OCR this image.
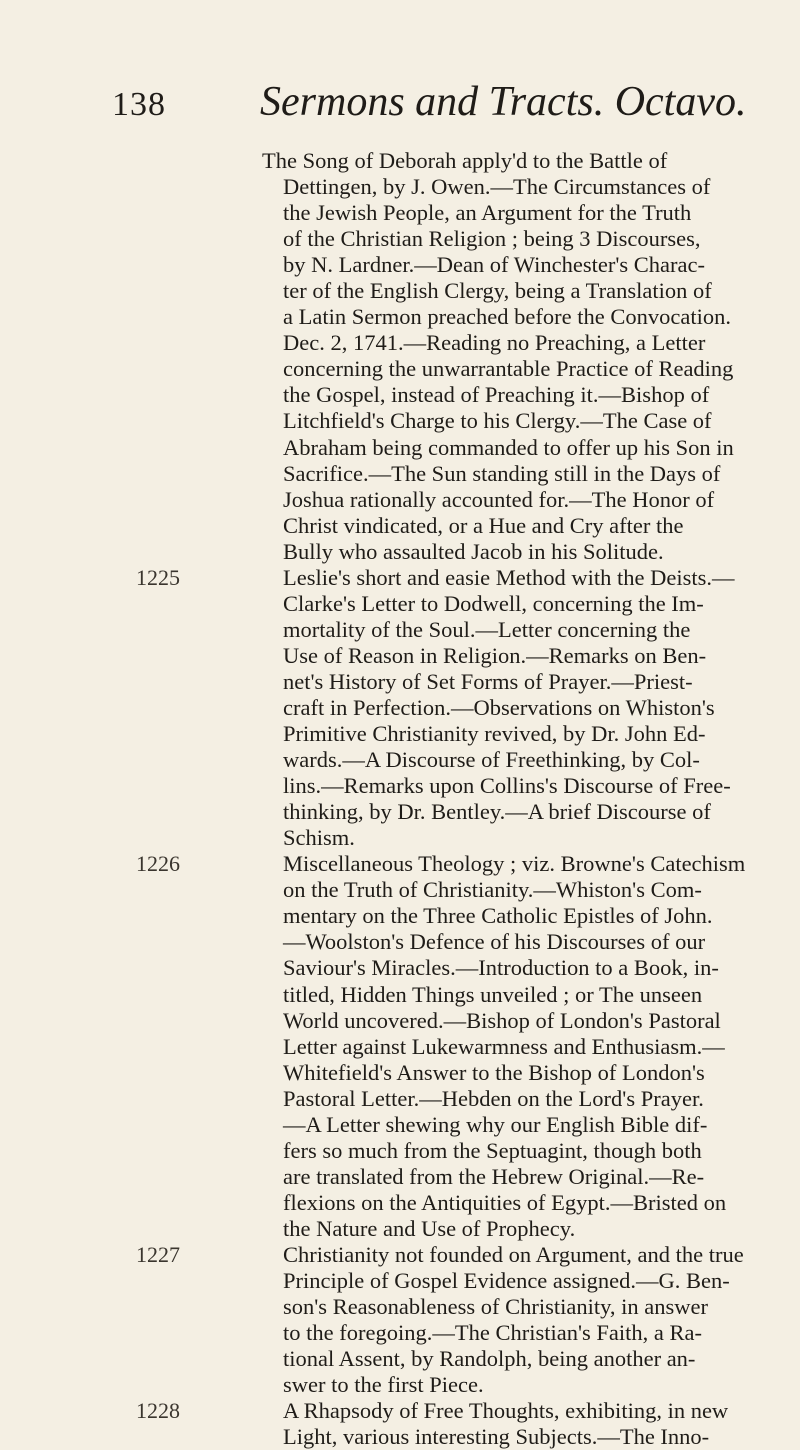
138 Sermons and Tracts. Octavo.
The Song of Deborah apply'd to the Battle of
Dettingen, by J. Owen.—The Circumstances of
the Jewish People, an Argument for the Truth
of the Christian Religion ; being 3 Discourses,
by N. Lardner.—Dean of Winchester's Charac-
ter of the English Clergy, being a Translation of
a Latin Sermon preached before the Convocation.
Dec. 2, 1741.—Reading no Preaching, a Letter
concerning the unwarrantable Practice of Reading
the Gospel, instead of Preaching it.—Bishop of
Litchfield's Charge to his Clergy.—The Case of
Abraham being commanded to offer up his Son in
Sacrifice.—The Sun standing still in the Days of
Joshua rationally accounted for.—The Honor of
Christ vindicated, or a Hue and Cry after the
Bully who assaulted Jacob in his Solitude.
1225	Leslie's short and easie Method with the Deists.—
Clarke's Letter to Dodwell, concerning the Im-
mortality of the Soul.—Letter concerning the
Use of Reason in Religion.—Remarks on Ben-
net's History of Set Forms of Prayer.—Priest-
craft in Perfection.—Observations on Whiston's
Primitive Christianity revived, by Dr. John Ed-
wards.—A Discourse of Freethinking, by Col-
lins.—Remarks upon Collins's Discourse of Free-
thinking, by Dr. Bentley.—A brief Discourse of
Schism.
1226	Miscellaneous Theology ; viz. Browne's Catechism
on the Truth of Christianity.—Whiston's Com-
mentary on the Three Catholic Epistles of John.
—Woolston's Defence of his Discourses of our
Saviour's Miracles.—Introduction to a Book, in-
titled, Hidden Things unveiled ; or The unseen
World uncovered.—Bishop of London's Pastoral
Letter against Lukewarmness and Enthusiasm.—
Whitefield's Answer to the Bishop of London's
Pastoral Letter.—Hebden on the Lord's Prayer.
—A Letter shewing why our English Bible dif-
fers so much from the Septuagint, though both
are translated from the Hebrew Original.—Re-
flexions on the Antiquities of Egypt.—Bristed on
the Nature and Use of Prophecy.
1227	Christianity not founded on Argument, and the true
Principle of Gospel Evidence assigned.—G. Ben-
son's Reasonableness of Christianity, in answer
to the foregoing.—The Christian's Faith, a Ra-
tional Assent, by Randolph, being another an-
swer to the first Piece.
1228	A Rhapsody of Free Thoughts, exhibiting, in new
Light, various interesting Subjects.—The Inno-
